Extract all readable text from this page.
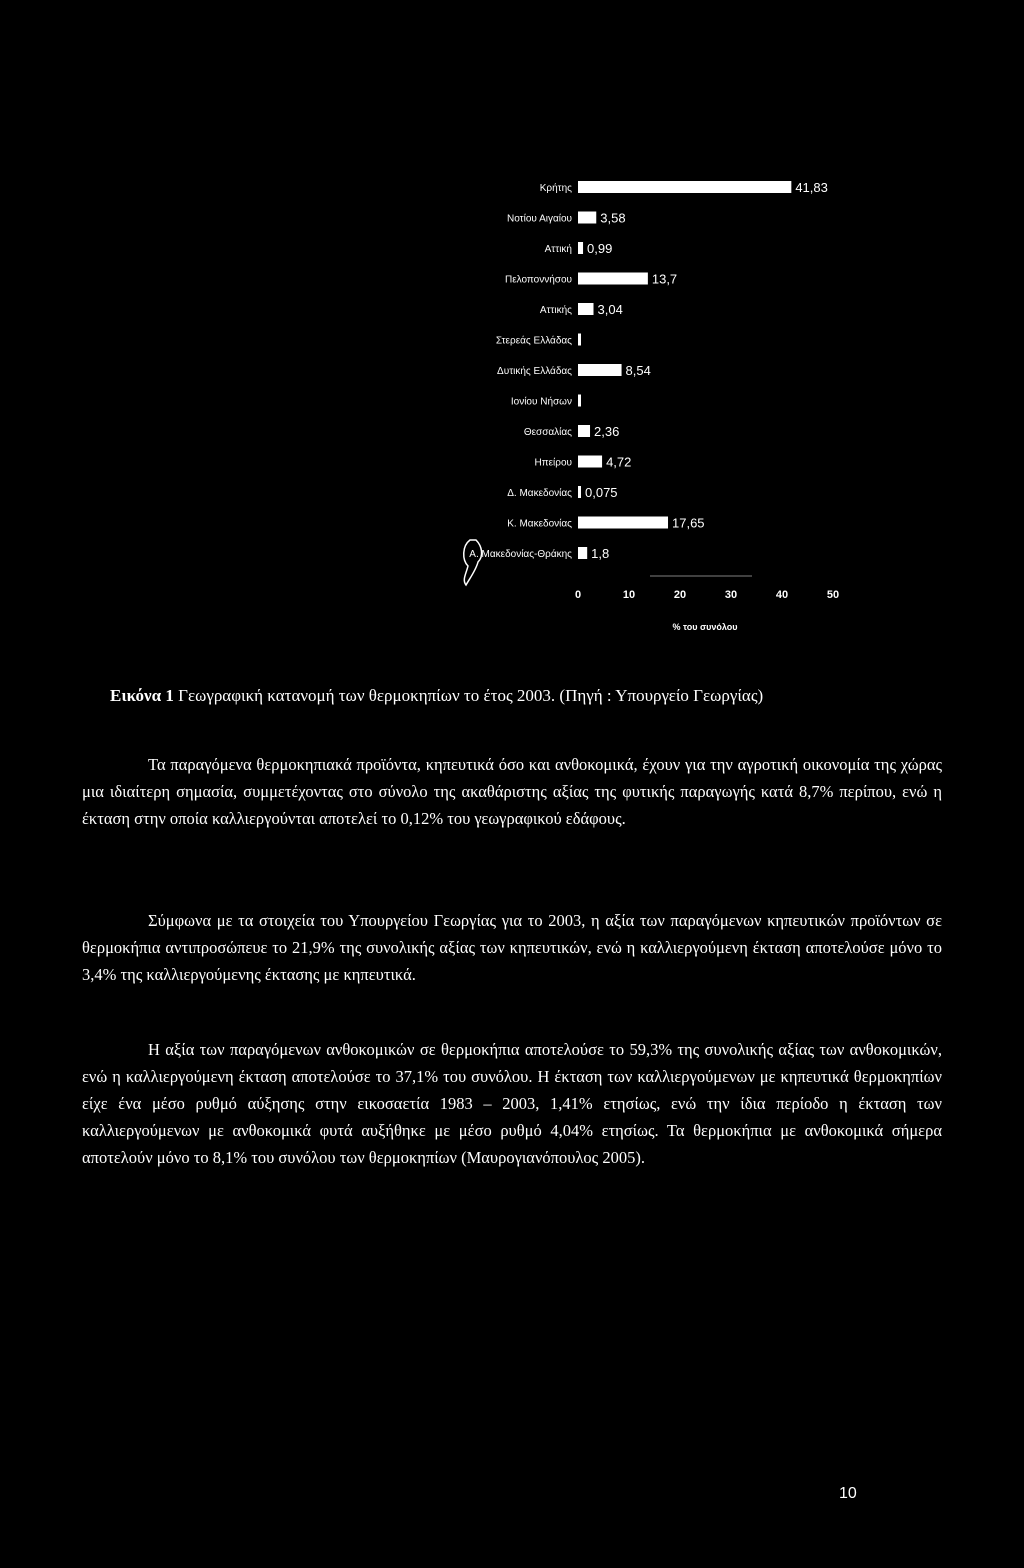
Κρήτης	41,83
Νοτίου Αιγαίου 3,58
Αττική 0,99
Πελοποννήσου	13,7
Αττικής 3,04
Στερεάς Ελλάδας
Δυτικής Ελλάδας	8,54
Ιονίου Νήσων
Θεσσαλίας 2,36
Ηπείρου	4,72
Δ. Μακεδονίας 0,075
Κ. Μακεδονίας	17,65
Α. Μακεδονίας-Θράκης 1,8
0	10	20	30	40	50
% του συνόλου
Εικόνα 1 Γεωγραφική κατανομή των θερμοκηπίων το έτος 2003. (Πηγή : Υπουργείο Γεωργίας)

Τα παραγόμενα θερμοκηπιακά προϊόντα, κηπευτικά όσο και ανθοκομικά, έχουν για την αγροτική οικονομία της χώρας μια ιδιαίτερη σημασία, συμμετέχοντας στο σύνολο της ακαθάριστης αξίας της φυτικής παραγωγής κατά 8,7% περίπου, ενώ η έκταση στην οποία καλλιεργούνται αποτελεί το 0,12% του γεωγραφικού εδάφους.

Σύμφωνα με τα στοιχεία του Υπουργείου Γεωργίας για το 2003, η αξία των παραγόμενων κηπευτικών προϊόντων σε θερμοκήπια αντιπροσώπευε το 21,9% της συνολικής αξίας των κηπευτικών, ενώ η καλλιεργούμενη έκταση αποτελούσε μόνο το 3,4% της καλλιεργούμενης έκτασης με κηπευτικά.

Η αξία των παραγόμενων ανθοκομικών σε θερμοκήπια αποτελούσε το 59,3% της συνολικής αξίας των ανθοκομικών, ενώ η καλλιεργούμενη έκταση αποτελούσε το 37,1% του συνόλου. Η έκταση των καλλιεργούμενων με κηπευτικά θερμοκηπίων είχε ένα μέσο ρυθμό αύξησης στην εικοσαετία 1983 – 2003, 1,41% ετησίως, ενώ την ίδια περίοδο η έκταση των καλλιεργούμενων με ανθοκομικά φυτά αυξήθηκε με μέσο ρυθμό 4,04% ετησίως. Τα θερμοκήπια με ανθοκομικά σήμερα αποτελούν μόνο το 8,1% του συνόλου των θερμοκηπίων (Μαυρογιανόπουλος 2005).

10
